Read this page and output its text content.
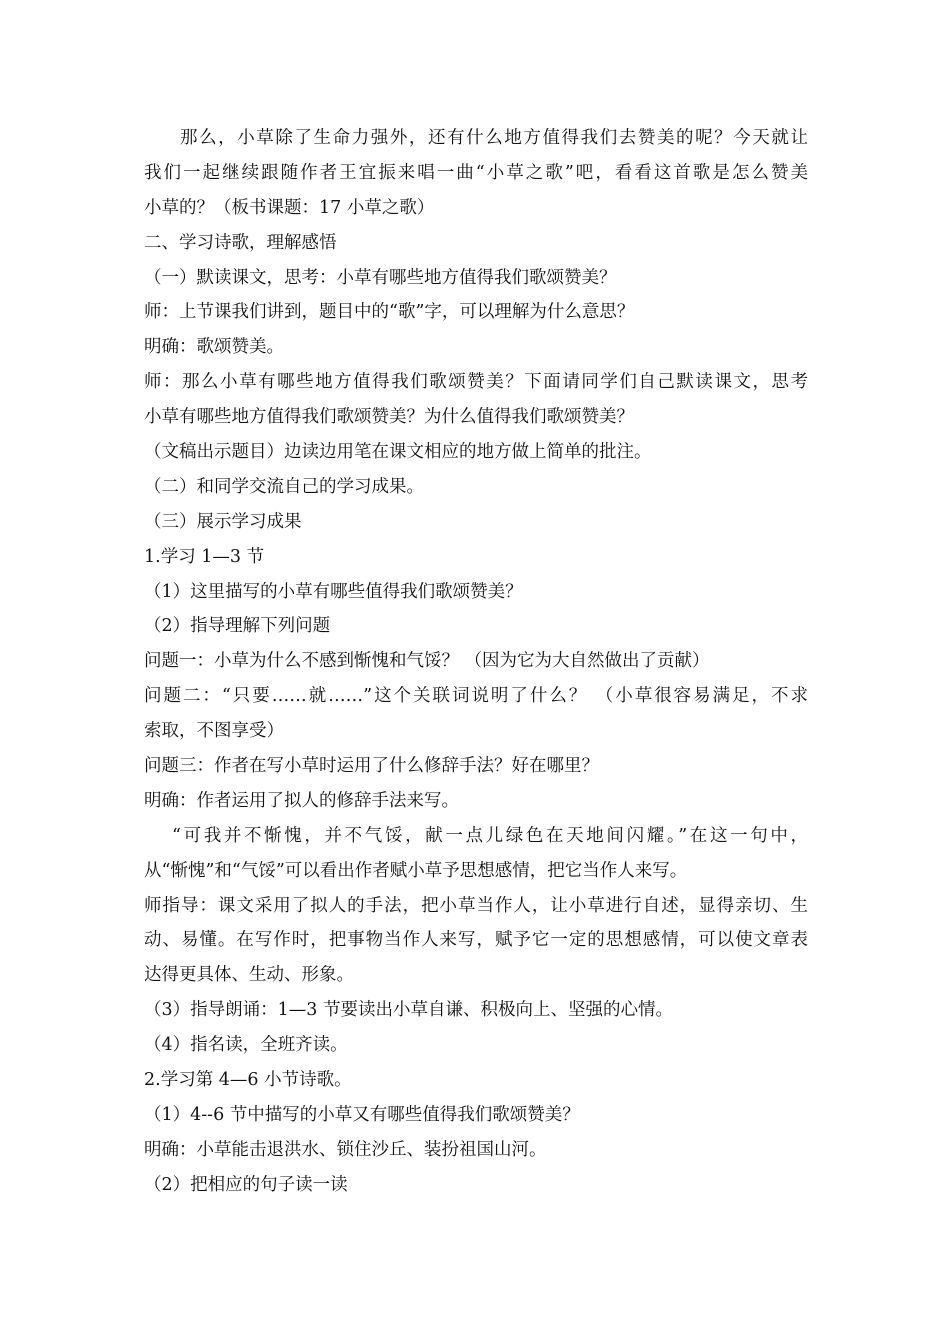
那么，小草除了生命力强外，还有什么地方值得我们去赞美的呢？今天就让
我们一起继续跟随作者王宜振来唱一曲“小草之歌”吧，看看这首歌是怎么赞美
小草的？（板书课题：17 小草之歌）
二、学习诗歌，理解感悟
（一）默读课文，思考：小草有哪些地方值得我们歌颂赞美？
师：上节课我们讲到，题目中的“歌”字，可以理解为什么意思？
明确：歌颂赞美。
师：那么小草有哪些地方值得我们歌颂赞美？下面请同学们自己默读课文，思考
小草有哪些地方值得我们歌颂赞美？为什么值得我们歌颂赞美？
（文稿出示题目）边读边用笔在课文相应的地方做上简单的批注。
（二）和同学交流自己的学习成果。
（三）展示学习成果
1.学习 1—3 节
（1）这里描写的小草有哪些值得我们歌颂赞美？
（2）指导理解下列问题
问题一：小草为什么不感到惭愧和气馁？ （因为它为大自然做出了贡献）
问题二：“只要……就……”这个关联词说明了什么？ （小草很容易满足，不求
索取，不图享受）
问题三：作者在写小草时运用了什么修辞手法？好在哪里？
明确：作者运用了拟人的修辞手法来写。
“可我并不惭愧，并不气馁，献一点儿绿色在天地间闪耀。”在这一句中，
从“惭愧”和“气馁”可以看出作者赋小草予思想感情，把它当作人来写。
师指导：课文采用了拟人的手法，把小草当作人，让小草进行自述，显得亲切、生
动、易懂。在写作时，把事物当作人来写，赋予它一定的思想感情，可以使文章表
达得更具体、生动、形象。
（3）指导朗诵：1—3 节要读出小草自谦、积极向上、坚强的心情。
（4）指名读，全班齐读。
2.学习第 4—6 小节诗歌。
（1）4--6 节中描写的小草又有哪些值得我们歌颂赞美？
明确：小草能击退洪水、锁住沙丘、装扮祖国山河。
（2）把相应的句子读一读
